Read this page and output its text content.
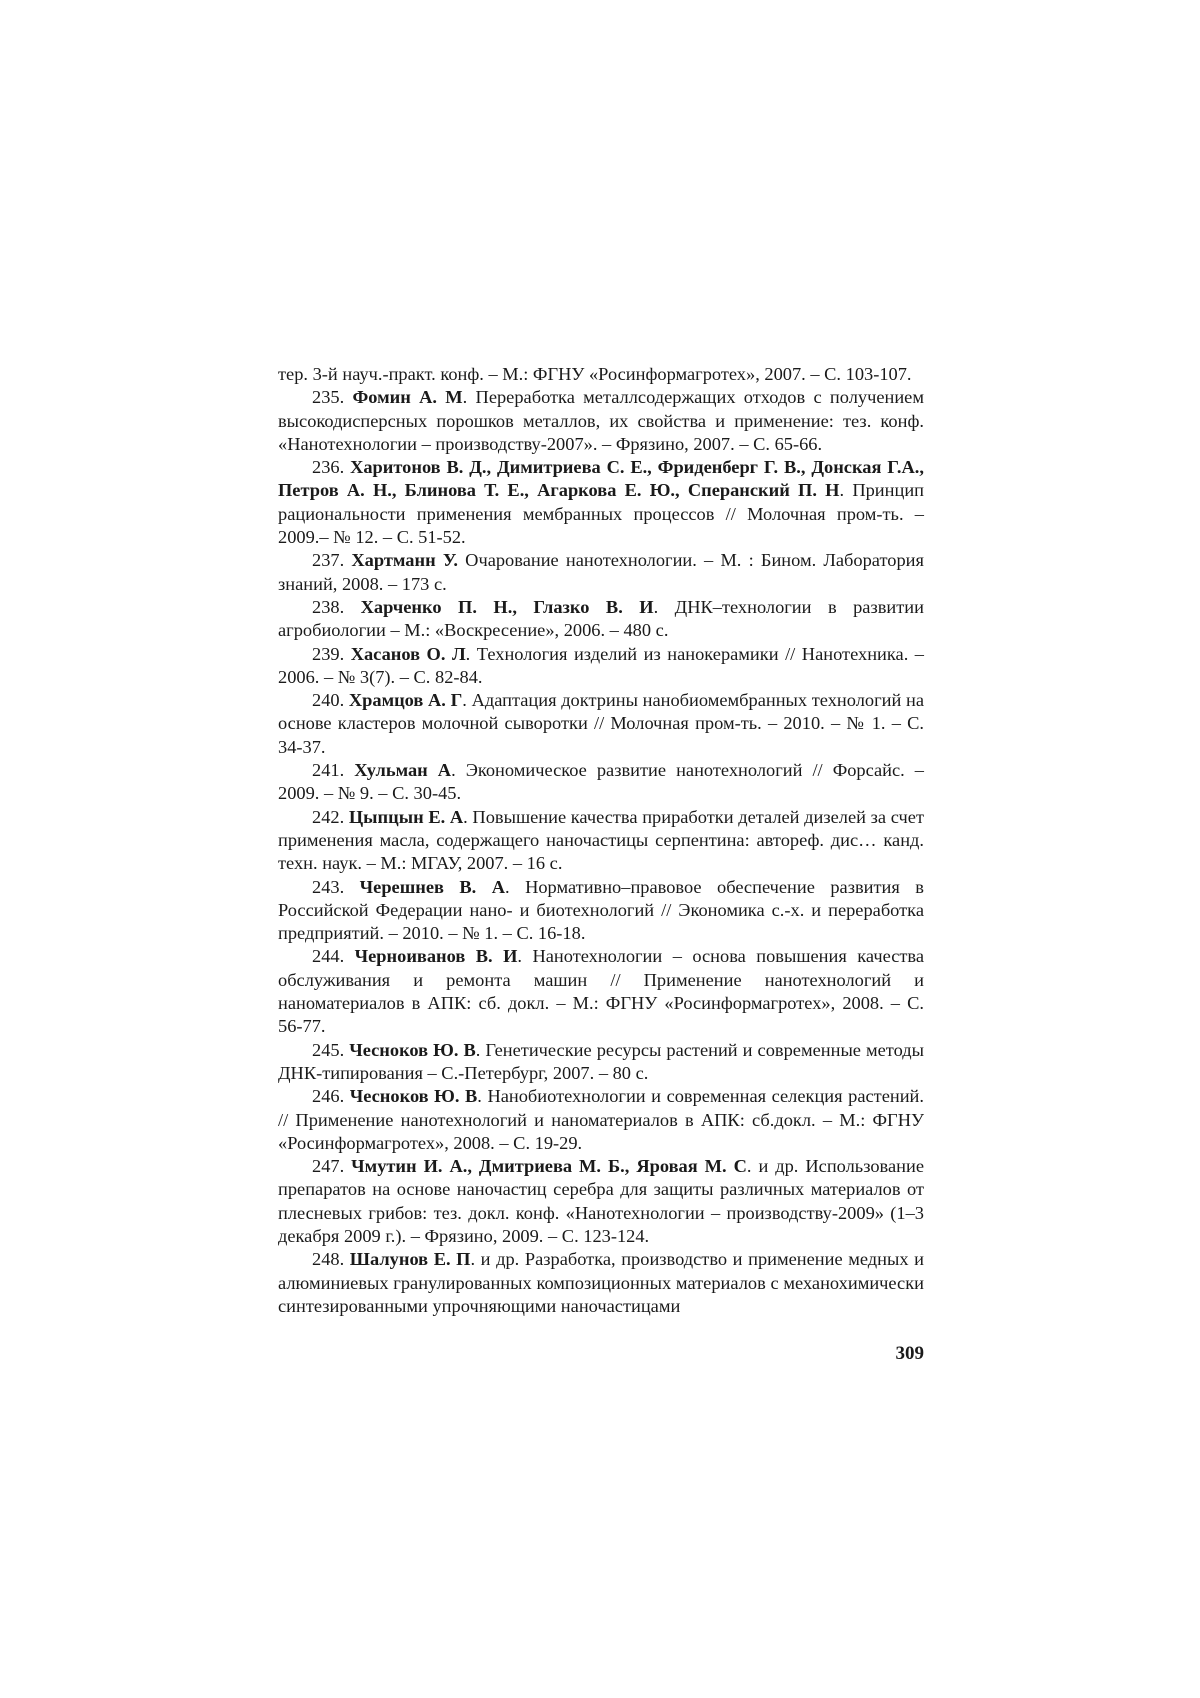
тер. 3-й науч.-практ. конф. – М.: ФГНУ «Росинформагротех», 2007. – С. 103-107.

235. Фомин А. М. Переработка металлсодержащих отходов с получением высокодисперсных порошков металлов, их свойства и применение: тез. конф. «Нанотехнологии – производству-2007». – Фрязино, 2007. – С. 65-66.

236. Харитонов В. Д., Димитриева С. Е., Фриденберг Г. В., Донская Г.А., Петров А. Н., Блинова Т. Е., Агаркова Е. Ю., Сперанский П. Н. Принцип рациональности применения мембранных процессов // Молочная пром-ть. – 2009.– № 12. – С. 51-52.

237. Хартманн У. Очарование нанотехнологии. – М. : Бином. Лаборатория знаний, 2008. – 173 с.

238. Харченко П. Н., Глазко В. И. ДНК–технологии в развитии агробиологии – М.: «Воскресение», 2006. – 480 с.

239. Хасанов О. Л. Технология изделий из нанокерамики // Нанотехника. – 2006. – № 3(7). – С. 82-84.

240. Храмцов А. Г. Адаптация доктрины нанобиомембранных технологий на основе кластеров молочной сыворотки // Молочная пром-ть. – 2010. – № 1. – С. 34-37.

241. Хульман А. Экономическое развитие нанотехнологий // Форсайс. – 2009. – № 9. – С. 30-45.

242. Цыпцын Е. А. Повышение качества приработки деталей дизелей за счет применения масла, содержащего наночастицы серпентина: автореф. дис… канд. техн. наук. – М.: МГАУ, 2007. – 16 с.

243. Черешнев В. А. Нормативно–правовое обеспечение развития в Российской Федерации нано- и биотехнологий // Экономика с.-х. и переработка предприятий. – 2010. – № 1. – С. 16-18.

244. Черноиванов В. И. Нанотехнологии – основа повышения качества обслуживания и ремонта машин // Применение нанотехнологий и наноматериалов в АПК: сб. докл. – М.: ФГНУ «Росинформагротех», 2008. – С. 56-77.

245. Чесноков Ю. В. Генетические ресурсы растений и современные методы ДНК-типирования – С.-Петербург, 2007. – 80 с.

246. Чесноков Ю. В. Нанобиотехнологии и современная селекция растений. // Применение нанотехнологий и наноматериалов в АПК: сб.докл. – М.: ФГНУ «Росинформагротех», 2008. – С. 19-29.

247. Чмутин И. А., Дмитриева М. Б., Яровая М. С. и др. Использование препаратов на основе наночастиц серебра для защиты различных материалов от плесневых грибов: тез. докл. конф. «Нанотехнологии – производству-2009» (1–3 декабря 2009 г.). – Фрязино, 2009. – С. 123-124.

248. Шалунов Е. П. и др. Разработка, производство и применение медных и алюминиевых гранулированных композиционных материалов с механохимически синтезированными упрочняющими наночастицами

309
